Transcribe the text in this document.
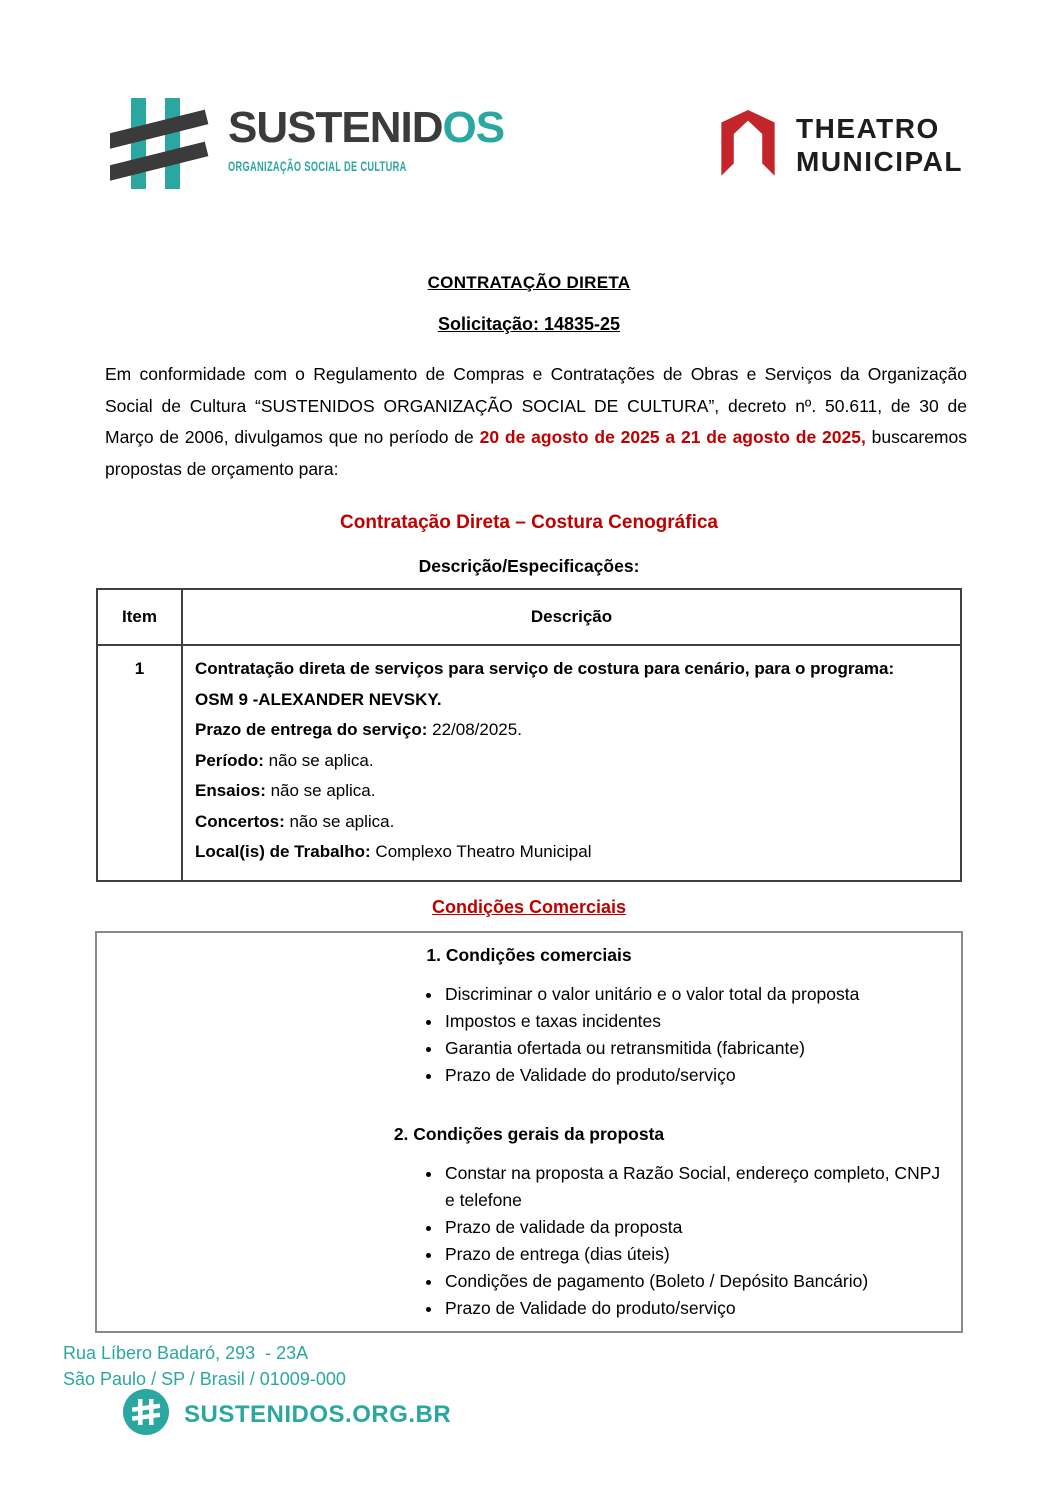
SUSTENIDOS
ORGANIZAÇÃO SOCIAL DE CULTURA
THEATRO
MUNICIPAL
CONTRATAÇÃO DIRETA
Solicitação: 14835-25

Em conformidade com o Regulamento de Compras e Contratações de Obras e Serviços da Organização Social de Cultura “SUSTENIDOS ORGANIZAÇÃO SOCIAL DE CULTURA”, decreto nº. 50.611, de 30 de Março de 2006, divulgamos que no período de 20 de agosto de 2025 a 21 de agosto de 2025, buscaremos propostas de orçamento para:

Contratação Direta – Costura Cenográfica
Descrição/Especificações:
Item	Descrição
1	Contratação direta de serviços para serviço de costura para cenário, para o programa:
OSM 9 -ALEXANDER NEVSKY.
Prazo de entrega do serviço: 22/08/2025.
Período: não se aplica.
Ensaios: não se aplica.
Concertos: não se aplica.
Local(is) de Trabalho: Complexo Theatro Municipal
Condições Comerciais
1. Condições comerciais
• Discriminar o valor unitário e o valor total da proposta
• Impostos e taxas incidentes
• Garantia ofertada ou retransmitida (fabricante)
• Prazo de Validade do produto/serviço
2. Condições gerais da proposta
• Constar na proposta a Razão Social, endereço completo, CNPJ e telefone
• Prazo de validade da proposta
• Prazo de entrega (dias úteis)
• Condições de pagamento (Boleto / Depósito Bancário)
• Prazo de Validade do produto/serviço
Rua Líbero Badaró, 293  - 23A
São Paulo / SP / Brasil / 01009-000
SUSTENIDOS.ORG.BR
